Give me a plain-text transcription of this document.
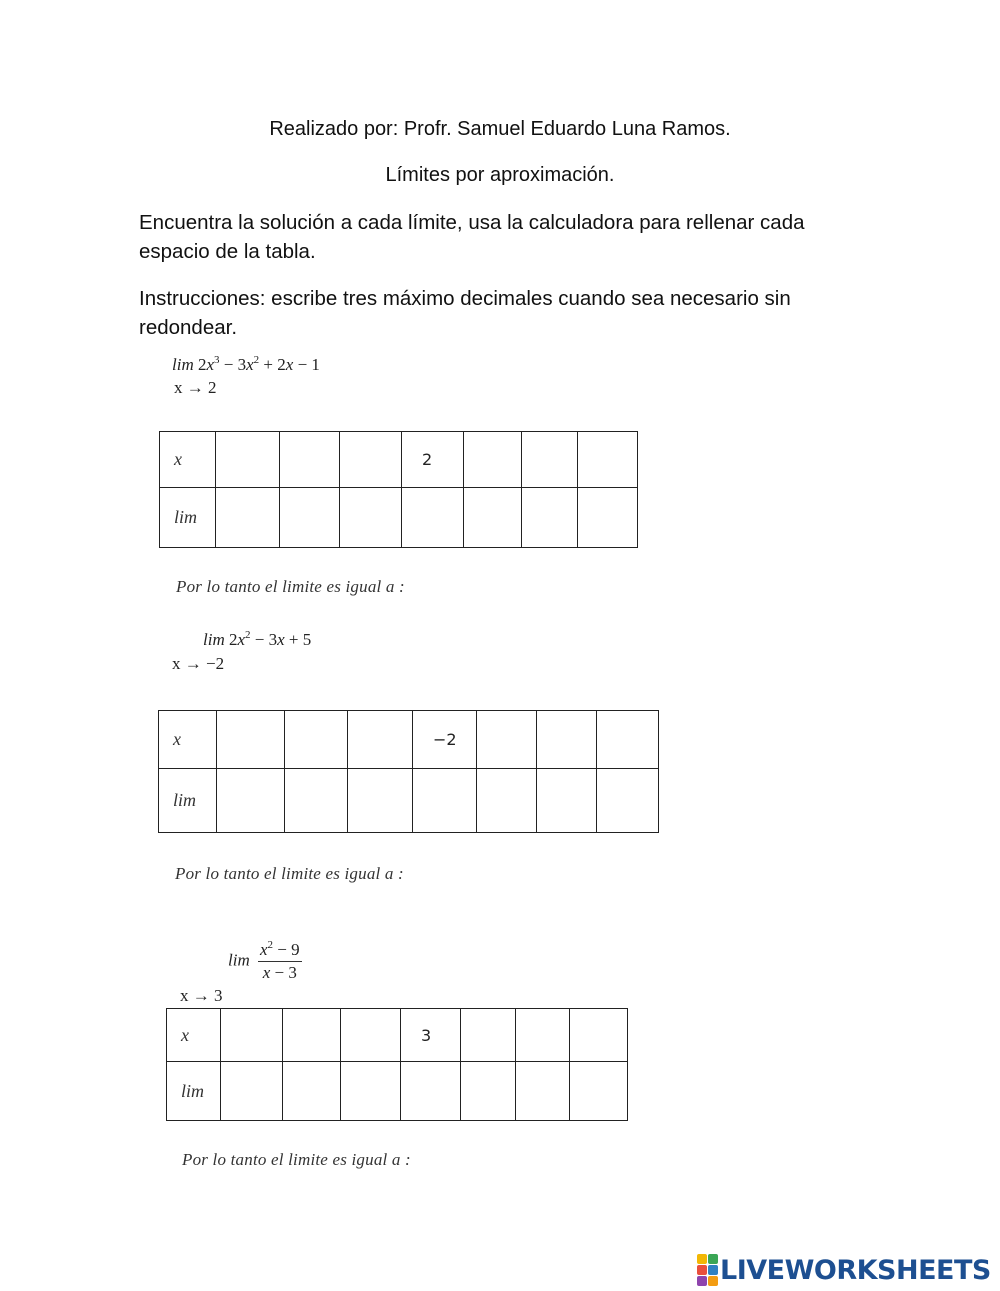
Realizado por: Profr. Samuel Eduardo Luna Ramos.
Límites por aproximación.
Encuentra la solución a cada límite, usa la calculadora para rellenar cada espacio de la tabla.
Instrucciones: escribe tres máximo decimales cuando sea necesario sin redondear.
$\lim 2x^3 - 3x^2 + 2x - 1$
x → 2
x				2			
lim							
Por lo tanto el limite es igual a :
$\lim 2x^2 - 3x + 5$
x → −2
x				−2			
lim							
Por lo tanto el limite es igual a :
$\lim \frac{x^2 - 9}{x - 3}$
x → 3
x				3			
lim							
Por lo tanto el limite es igual a :
LIVEWORKSHEETS
